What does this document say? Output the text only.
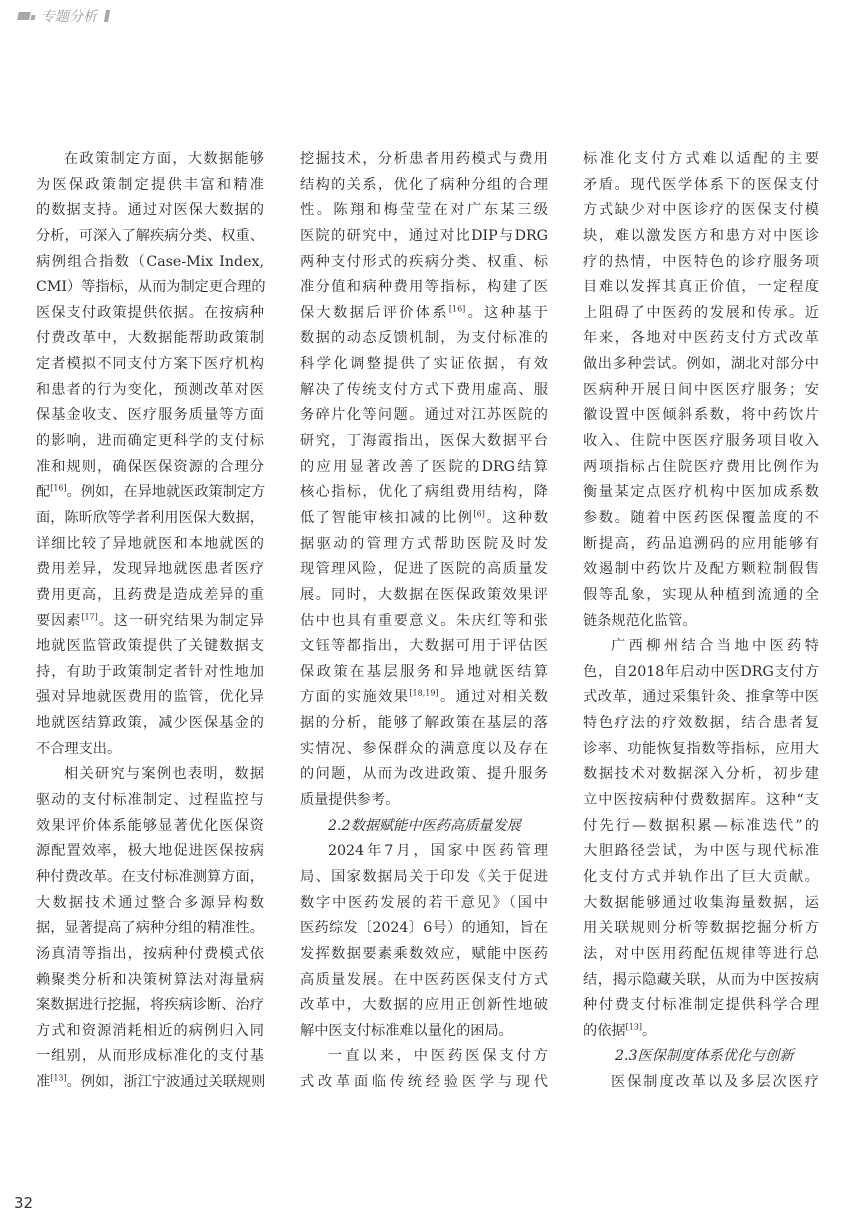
专题分析
在政策制定方面，大数据能够
为医保政策制定提供丰富和精准
的数据支持。通过对医保大数据的
分析，可深入了解疾病分类、权重、
病例组合指数（Case-Mix Index,
CMI）等指标，从而为制定更合理的
医保支付政策提供依据。在按病种
付费改革中，大数据能帮助政策制
定者模拟不同支付方案下医疗机构
和患者的行为变化，预测改革对医
保基金收支、医疗服务质量等方面
的影响，进而确定更科学的支付标
准和规则，确保医保资源的合理分
配[16]。例如，在异地就医政策制定方
面，陈昕欣等学者利用医保大数据，
详细比较了异地就医和本地就医的
费用差异，发现异地就医患者医疗
费用更高，且药费是造成差异的重
要因素[17]。这一研究结果为制定异
地就医监管政策提供了关键数据支
持，有助于政策制定者针对性地加
强对异地就医费用的监管，优化异
地就医结算政策，减少医保基金的
不合理支出。
相关研究与案例也表明，数据
驱动的支付标准制定、过程监控与
效果评价体系能够显著优化医保资
源配置效率，极大地促进医保按病
种付费改革。在支付标准测算方面，
大数据技术通过整合多源异构数
据，显著提高了病种分组的精准性。
汤真清等指出，按病种付费模式依
赖聚类分析和决策树算法对海量病
案数据进行挖掘，将疾病诊断、治疗
方式和资源消耗相近的病例归入同
一组别，从而形成标准化的支付基
准[13]。例如，浙江宁波通过关联规则
挖掘技术，分析患者用药模式与费用
结构的关系，优化了病种分组的合理
性。陈翔和梅莹莹在对广东某三级
医院的研究中，通过对比DIP与DRG
两种支付形式的疾病分类、权重、标
准分值和病种费用等指标，构建了医
保大数据后评价体系[16]。这种基于
数据的动态反馈机制，为支付标准的
科学化调整提供了实证依据，有效
解决了传统支付方式下费用虚高、服
务碎片化等问题。通过对江苏医院的
研究，丁海霞指出，医保大数据平台
的应用显著改善了医院的DRG结算
核心指标，优化了病组费用结构，降
低了智能审核扣减的比例[6]。这种数
据驱动的管理方式帮助医院及时发
现管理风险，促进了医院的高质量发
展。同时，大数据在医保政策效果评
估中也具有重要意义。朱庆红等和张
文钰等都指出，大数据可用于评估医
保政策在基层服务和异地就医结算
方面的实施效果[18,19]。通过对相关数
据的分析，能够了解政策在基层的落
实情况、参保群众的满意度以及存在
的问题，从而为改进政策、提升服务
质量提供参考。
2.2数据赋能中医药高质量发展
2024年7月，国家中医药管理
局、国家数据局关于印发《关于促进
数字中医药发展的若干意见》（国中
医药综发〔2024〕6号）的通知，旨在
发挥数据要素乘数效应，赋能中医药
高质量发展。在中医药医保支付方式
改革中，大数据的应用正创新性地破
解中医支付标准难以量化的困局。
一直以来，中医药医保支付方
式改革面临传统经验医学与现代
标准化支付方式难以适配的主要
矛盾。现代医学体系下的医保支付
方式缺少对中医诊疗的医保支付模
块，难以激发医方和患方对中医诊
疗的热情，中医特色的诊疗服务项
目难以发挥其真正价值，一定程度
上阻碍了中医药的发展和传承。近
年来，各地对中医药支付方式改革
做出多种尝试。例如，湖北对部分中
医病种开展日间中医医疗服务；安
徽设置中医倾斜系数，将中药饮片
收入、住院中医医疗服务项目收入
两项指标占住院医疗费用比例作为
衡量某定点医疗机构中医加成系数
参数。随着中医药医保覆盖度的不
断提高，药品追溯码的应用能够有
效遏制中药饮片及配方颗粒制假售
假等乱象，实现从种植到流通的全
链条规范化监管。
广西柳州结合当地中医药特
色，自2018年启动中医DRG支付方
式改革，通过采集针灸、推拿等中医
特色疗法的疗效数据，结合患者复
诊率、功能恢复指数等指标，应用大
数据技术对数据深入分析，初步建
立中医按病种付费数据库。这种“支
付先行—数据积累—标准迭代”的
大胆路径尝试，为中医与现代标准
化支付方式并轨作出了巨大贡献。
大数据能够通过收集海量数据，运
用关联规则分析等数据挖掘分析方
法，对中医用药配伍规律等进行总
结，揭示隐藏关联，从而为中医按病
种付费支付标准制定提供科学合理
的依据[13]。
2.3医保制度体系优化与创新
医保制度改革以及多层次医疗
32
